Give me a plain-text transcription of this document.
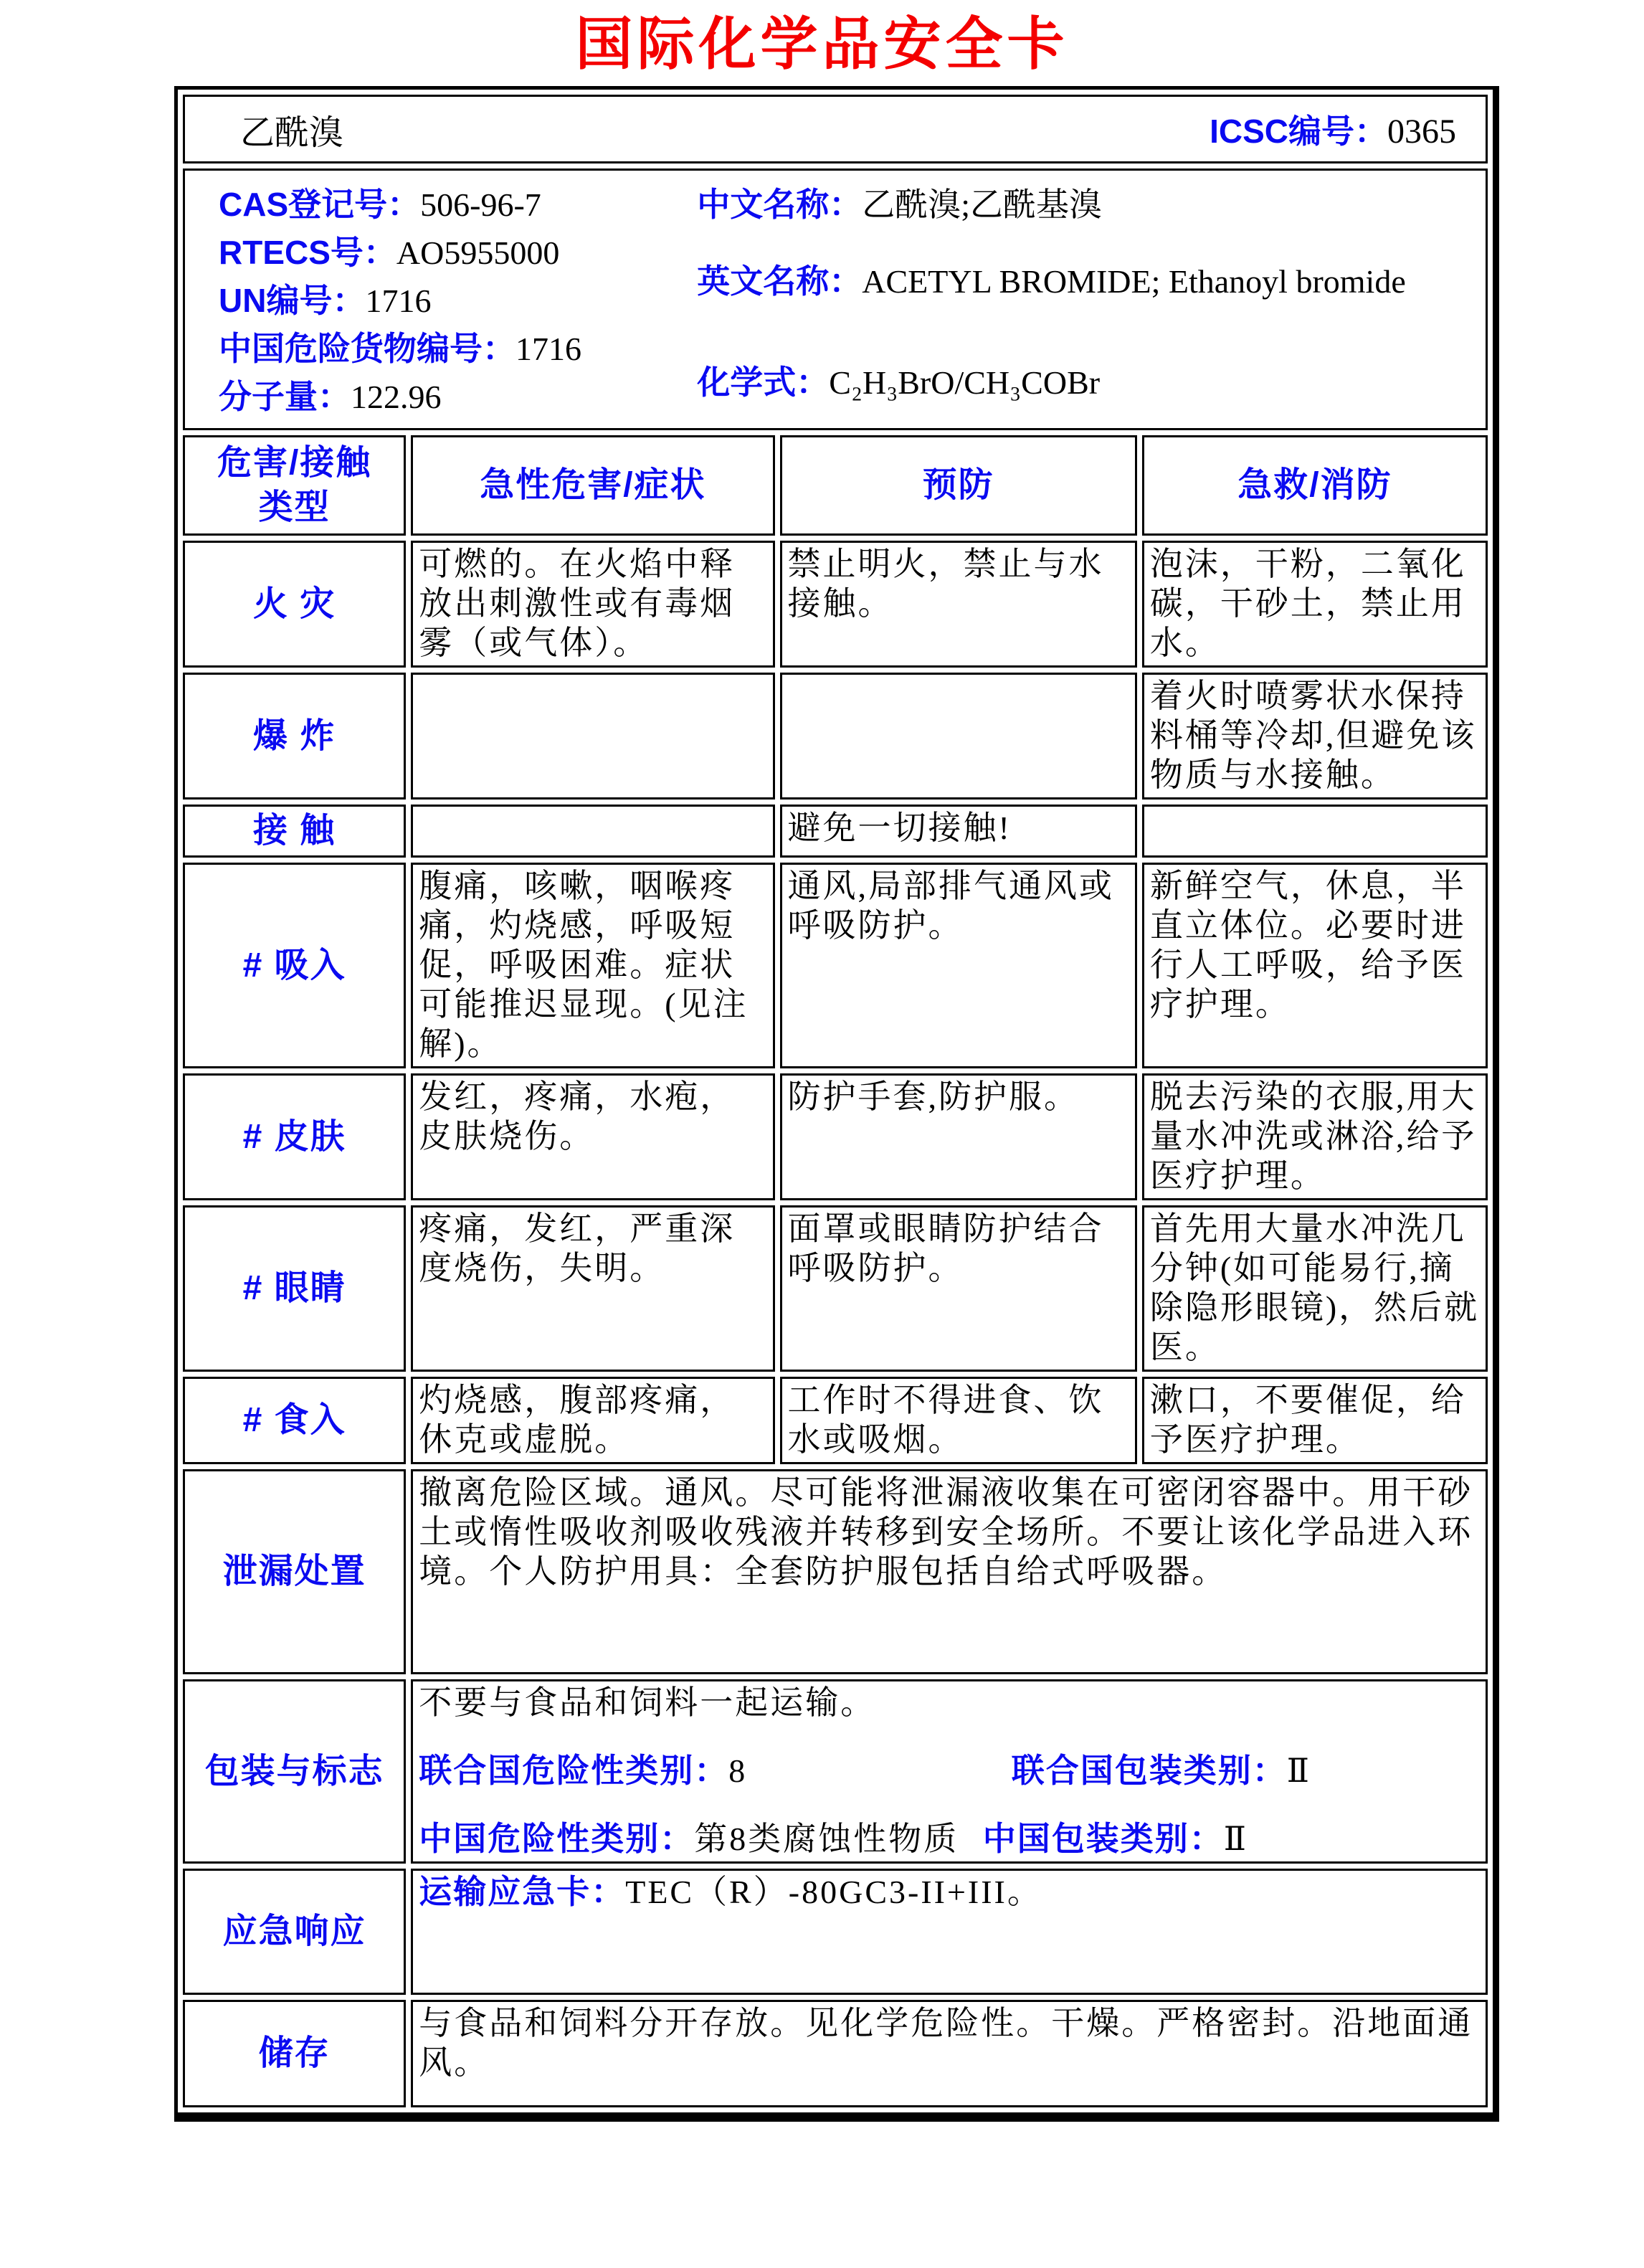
国际化学品安全卡
乙酰溴 ICSC编号：0365			

CAS登记号：506-96-7
RTECS号：AO5955000
UN编号：1716
中国危险货物编号：1716
分子量：122.96
中文名称：乙酰溴;乙酰基溴
英文名称：ACETYL BROMIDE; Ethanoyl bromide
化学式：C₂H₃BrO/CH₃COBr

危害/接触
类型	急性危害/症状	预防	急救/消防
火 灾	可燃的。在火焰中释放出刺激性或有毒烟雾（或气体）。	禁止明火，禁止与水接触。	泡沫，干粉，二氧化碳，干砂土，禁止用水。
爆 炸			着火时喷雾状水保持料桶等冷却,但避免该物质与水接触。
接 触		避免一切接触!	
# 吸入	腹痛，咳嗽，咽喉疼痛，灼烧感，呼吸短促，呼吸困难。症状可能推迟显现。(见注解)。	通风,局部排气通风或呼吸防护。	新鲜空气，休息，半直立体位。必要时进行人工呼吸，给予医疗护理。
# 皮肤	发红，疼痛，水疱，皮肤烧伤。	防护手套,防护服。	脱去污染的衣服,用大量水冲洗或淋浴,给予医疗护理。
# 眼睛	疼痛，发红，严重深度烧伤，失明。	面罩或眼睛防护结合呼吸防护。	首先用大量水冲洗几分钟(如可能易行,摘除隐形眼镜)，然后就医。
# 食入	灼烧感，腹部疼痛，休克或虚脱。	工作时不得进食、饮水或吸烟。	漱口，不要催促，给予医疗护理。
泄漏处置	撤离危险区域。通风。尽可能将泄漏液收集在可密闭容器中。用干砂土或惰性吸收剂吸收残液并转移到安全场所。不要让该化学品进入环境。个人防护用具：全套防护服包括自给式呼吸器。		
包装与标志	不要与食品和饲料一起运输。
联合国危险性类别：8 联合国包装类别：Ⅱ
中国危险性类别：第8类腐蚀性物质 中国包装类别：Ⅱ		

应急响应	运输应急卡：TEC（R）-80GC3-II+III。		
储存	与食品和饲料分开存放。见化学危险性。干燥。严格密封。沿地面通风。		
